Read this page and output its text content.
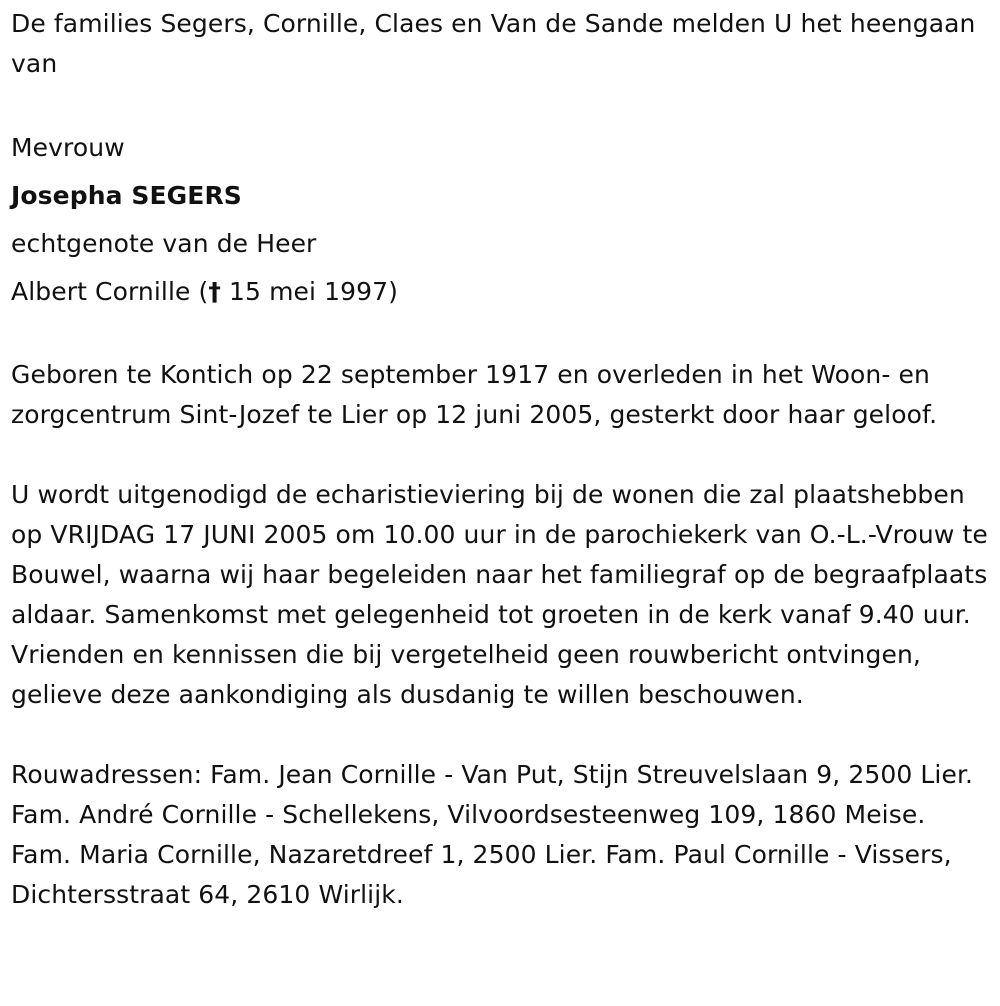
De families Segers, Cornille, Claes en Van de Sande melden U het heengaan van

Mevrouw

Josepha SEGERS

echtgenote van de Heer

Albert Cornille († 15 mei 1997)

Geboren te Kontich op 22 september 1917 en overleden in het Woon- en zorgcentrum Sint-Jozef te Lier op 12 juni 2005, gesterkt door haar geloof.

U wordt uitgenodigd de echaristieviering bij de wonen die zal plaatshebben op VRIJDAG 17 JUNI 2005 om 10.00 uur in de parochiekerk van O.-L.-Vrouw te Bouwel, waarna wij haar begeleiden naar het familiegraf op de begraafplaats aldaar. Samenkomst met gelegenheid tot groeten in de kerk vanaf 9.40 uur. Vrienden en kennissen die bij vergetelheid geen rouwbericht ontvingen, gelieve deze aankondiging als dusdanig te willen beschouwen.

Rouwadressen: Fam. Jean Cornille - Van Put, Stijn Streuvelslaan 9, 2500 Lier. Fam. André Cornille - Schellekens, Vilvoordsesteenweg 109, 1860 Meise. Fam. Maria Cornille, Nazaretdreef 1, 2500 Lier. Fam. Paul Cornille - Vissers, Dichtersstraat 64, 2610 Wirlijk.
